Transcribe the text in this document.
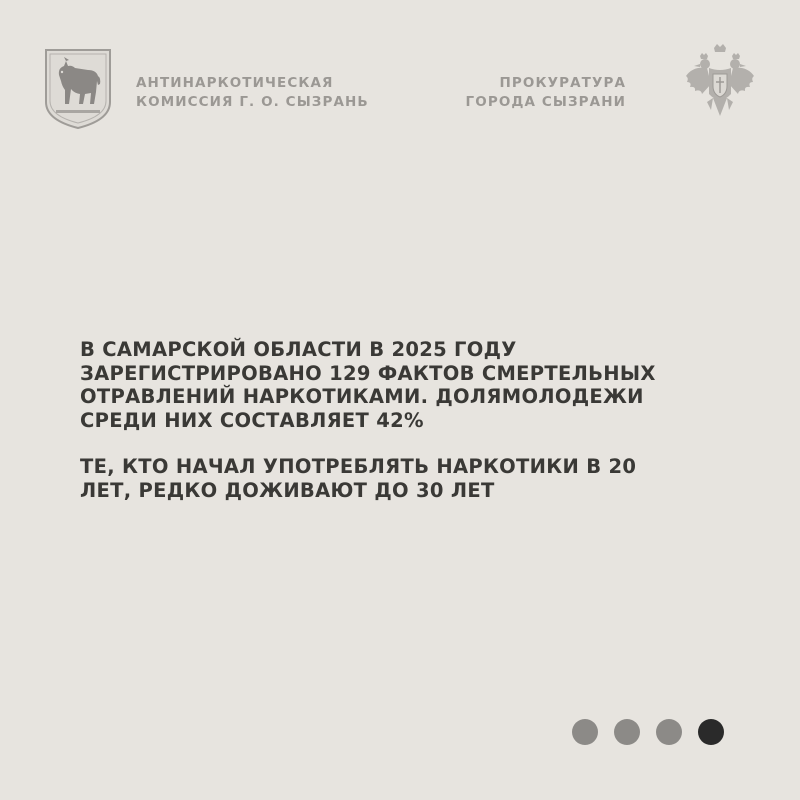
АНТИНАРКОТИЧЕСКАЯ
КОМИССИЯ Г. О. СЫЗРАНЬ
ПРОКУРАТУРА
ГОРОДА СЫЗРАНИ
В САМАРСКОЙ ОБЛАСТИ В 2025 ГОДУ
ЗАРЕГИСТРИРОВАНО 129 ФАКТОВ СМЕРТЕЛЬНЫХ
ОТРАВЛЕНИЙ НАРКОТИКАМИ. ДОЛЯМОЛОДЕЖИ
СРЕДИ НИХ СОСТАВЛЯЕТ 42%
ТЕ, КТО НАЧАЛ УПОТРЕБЛЯТЬ НАРКОТИКИ В 20
ЛЕТ, РЕДКО ДОЖИВАЮТ ДО 30 ЛЕТ
